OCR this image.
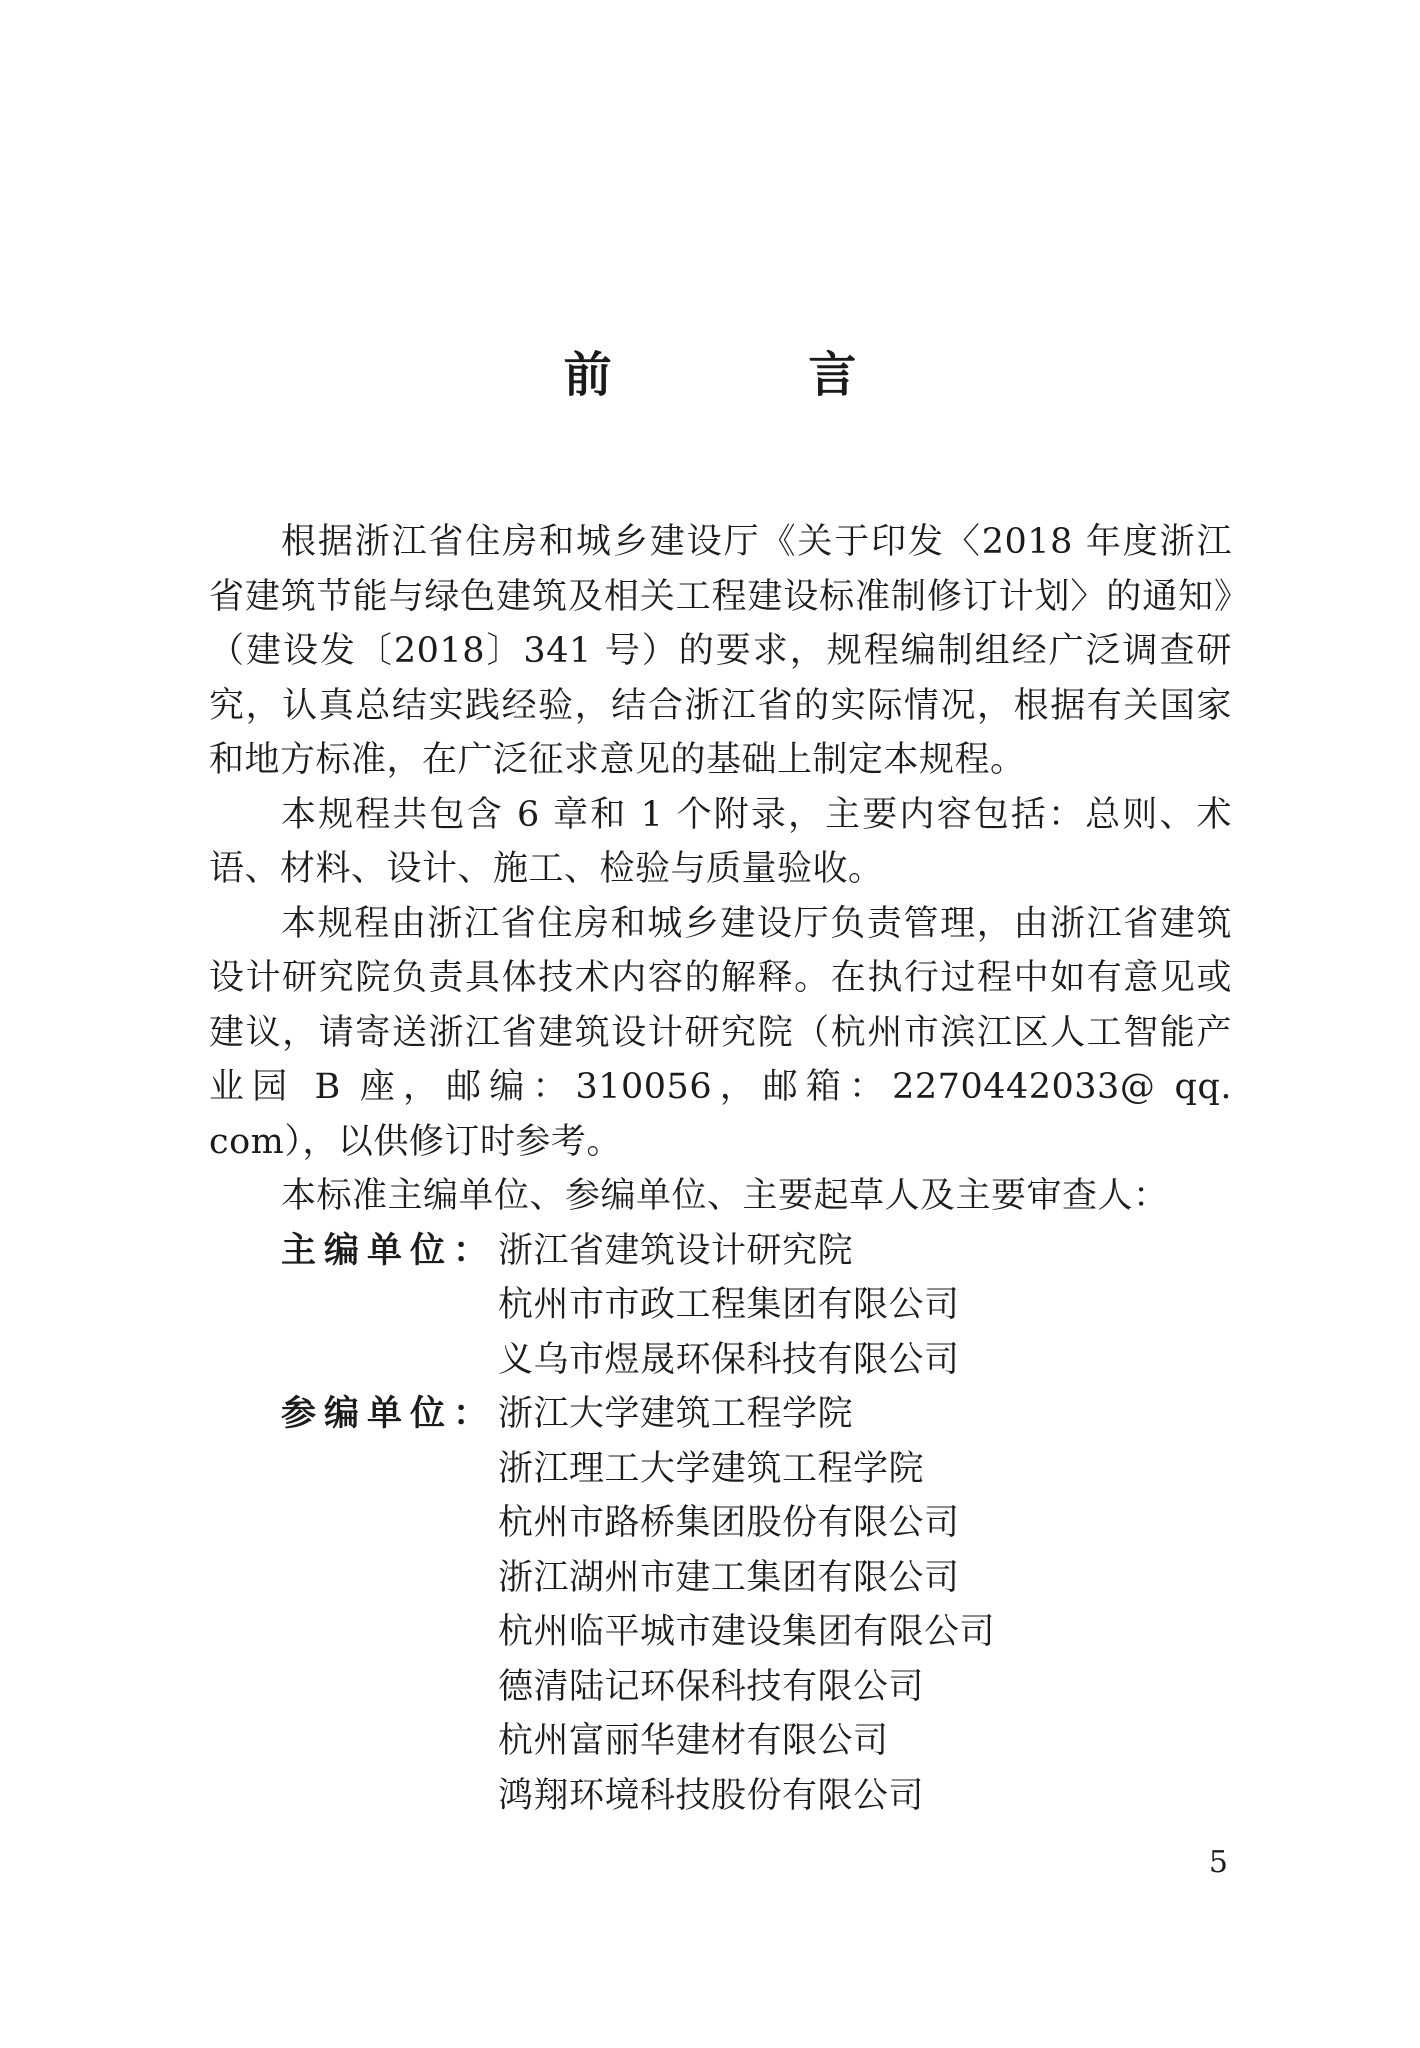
前 言

根据浙江省住房和城乡建设厅《关于印发〈2018 年度浙江省建筑节能与绿色建筑及相关工程建设标准制修订计划〉的通知》（建设发〔2018〕341 号）的要求，规程编制组经广泛调查研究，认真总结实践经验，结合浙江省的实际情况，根据有关国家和地方标准，在广泛征求意见的基础上制定本规程。

本规程共包含 6 章和 1 个附录，主要内容包括：总则、术语、材料、设计、施工、检验与质量验收。

本规程由浙江省住房和城乡建设厅负责管理，由浙江省建筑设计研究院负责具体技术内容的解释。在执行过程中如有意见或建议，请寄送浙江省建筑设计研究院（杭州市滨江区人工智能产业园 B 座，邮编：310056，邮箱：2270442033@ qq. com），以供修订时参考。

本标准主编单位、参编单位、主要起草人及主要审查人：

主编单位： 浙江省建筑设计研究院
杭州市市政工程集团有限公司
义乌市煜晟环保科技有限公司
参编单位： 浙江大学建筑工程学院
浙江理工大学建筑工程学院
杭州市路桥集团股份有限公司
浙江湖州市建工集团有限公司
杭州临平城市建设集团有限公司
德清陆记环保科技有限公司
杭州富丽华建材有限公司
鸿翔环境科技股份有限公司
5
